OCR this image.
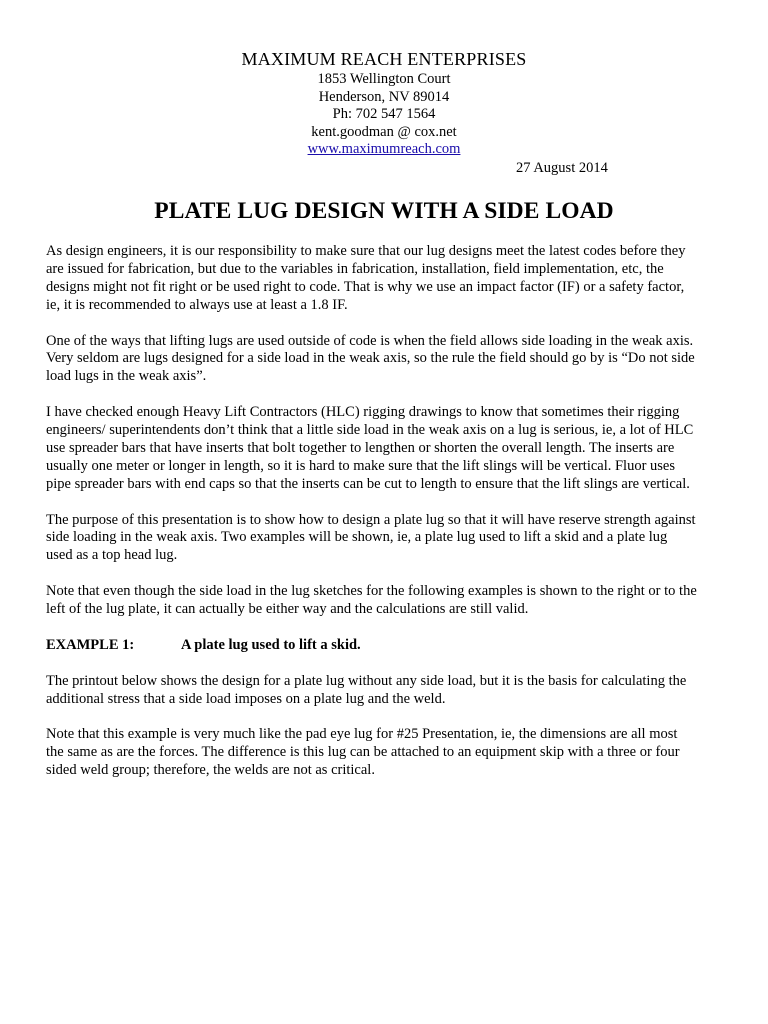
MAXIMUM REACH ENTERPRISES
1853 Wellington Court
Henderson, NV 89014
Ph: 702 547 1564
kent.goodman @ cox.net
www.maximumreach.com
27 August 2014
PLATE LUG DESIGN WITH A SIDE LOAD

As design engineers, it is our responsibility to make sure that our lug designs meet the latest codes before they

are issued for fabrication, but due to the variables in fabrication, installation, field implementation, etc, the

designs might not fit right or be used right to code. That is why we use an impact factor (IF) or a safety factor,

ie, it is recommended to always use at least a 1.8 IF.

One of the ways that lifting lugs are used outside of code is when the field allows side loading in the weak axis.

Very seldom are lugs designed for a side load in the weak axis, so the rule the field should go by is “Do not side

load lugs in the weak axis”.

I have checked enough Heavy Lift Contractors (HLC) rigging drawings to know that sometimes their rigging

engineers/ superintendents don’t think that a little side load in the weak axis on a lug is serious, ie, a lot of HLC

use spreader bars that have inserts that bolt together to lengthen or shorten the overall length. The inserts are

usually one meter or longer in length, so it is hard to make sure that the lift slings will be vertical. Fluor uses

pipe spreader bars with end caps so that the inserts can be cut to length to ensure that the lift slings are vertical.

The purpose of this presentation is to show how to design a plate lug so that it will have reserve strength against

side loading in the weak axis. Two examples will be shown, ie, a plate lug used to lift a skid and a plate lug

used as a top head lug.

Note that even though the side load in the lug sketches for the following examples is shown to the right or to the

left of the lug plate, it can actually be either way and the calculations are still valid.

EXAMPLE 1:	A plate lug used to lift a skid.

The printout below shows the design for a plate lug without any side load, but it is the basis for calculating the

additional stress that a side load imposes on a plate lug and the weld.

Note that this example is very much like the pad eye lug for #25 Presentation, ie, the dimensions are all most

the same as are the forces. The difference is this lug can be attached to an equipment skip with a three or four

sided weld group; therefore, the welds are not as critical.
